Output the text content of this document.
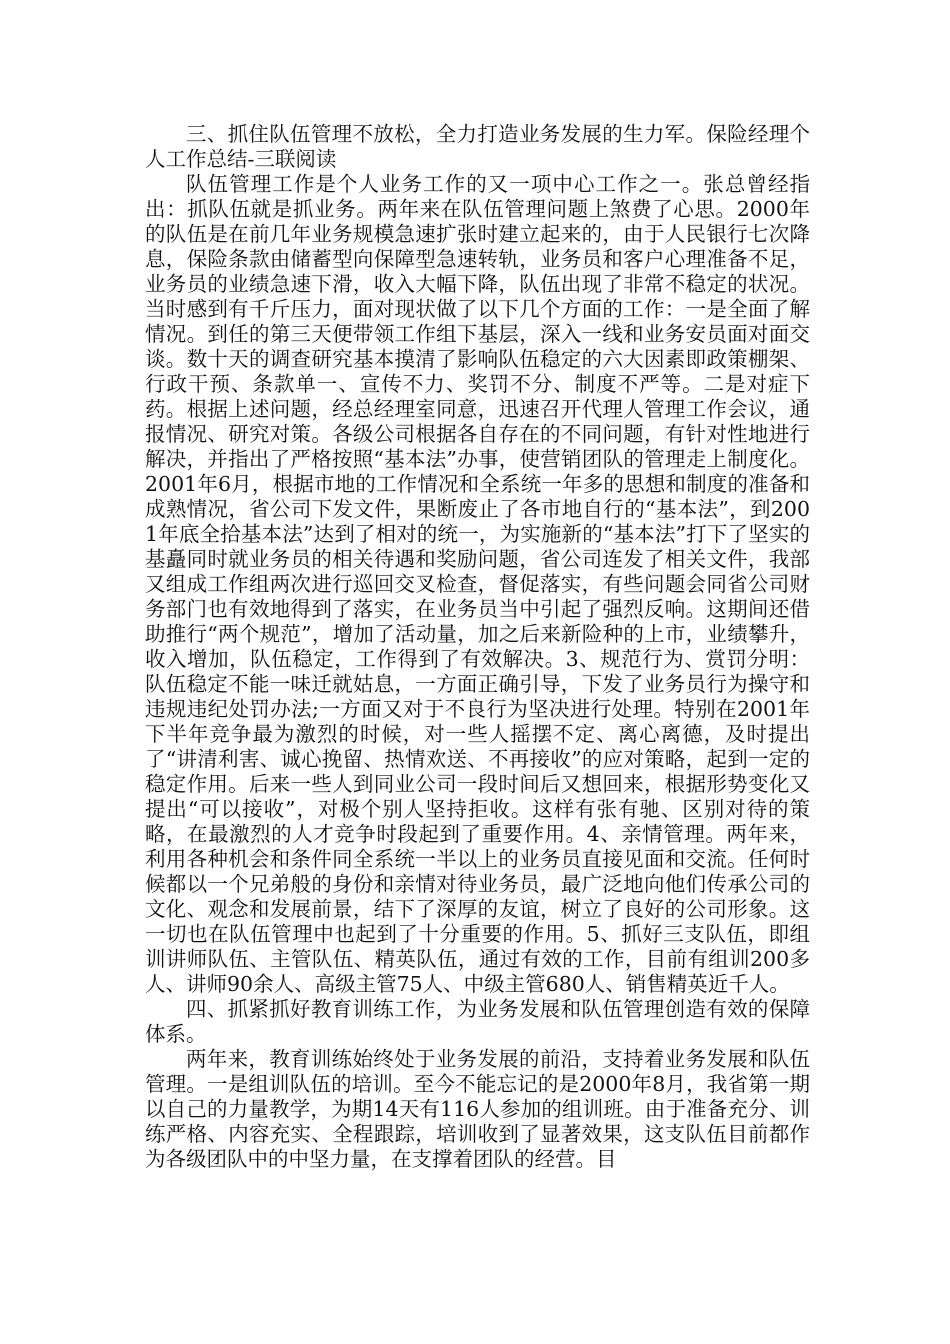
三、抓住队伍管理不放松，全力打造业务发展的生力军。保险经理个人工作总结-三联阅读

队伍管理工作是个人业务工作的又一项中心工作之一。张总曾经指出：抓队伍就是抓业务。两年来在队伍管理问题上煞费了心思。2000年的队伍是在前几年业务规模急速扩张时建立起来的，由于人民银行七次降息，保险条款由储蓄型向保障型急速转轨，业务员和客户心理准备不足，业务员的业绩急速下滑，收入大幅下降，队伍出现了非常不稳定的状况。当时感到有千斤压力，面对现状做了以下几个方面的工作：一是全面了解情况。到任的第三天便带领工作组下基层，深入一线和业务安员面对面交谈。数十天的调查研究基本摸清了影响队伍稳定的六大因素即政策棚架、行政干预、条款单一、宣传不力、奖罚不分、制度不严等。二是对症下药。根据上述问题，经总经理室同意，迅速召开代理人管理工作会议，通报情况、研究对策。各级公司根据各自存在的不同问题，有针对性地进行解决，并指出了严格按照“基本法”办事，使营销团队的管理走上制度化。2001年6月，根据市地的工作情况和全系统一年多的思想和制度的准备和成熟情况，省公司下发文件，果断废止了各市地自行的“基本法”，到2001年底全拾基本法”达到了相对的统一，为实施新的“基本法”打下了坚实的基矗同时就业务员的相关待遇和奖励问题，省公司连发了相关文件，我部又组成工作组两次进行巡回交叉检查，督促落实，有些问题会同省公司财务部门也有效地得到了落实，在业务员当中引起了强烈反响。这期间还借助推行“两个规范”，增加了活动量，加之后来新险种的上市，业绩攀升，收入增加，队伍稳定，工作得到了有效解决。3、规范行为、赏罚分明：队伍稳定不能一味迁就姑息，一方面正确引导，下发了业务员行为操守和违规违纪处罚办法;一方面又对于不良行为坚决进行处理。特别在2001年下半年竞争最为激烈的时候，对一些人摇摆不定、离心离德，及时提出了“讲清利害、诚心挽留、热情欢送、不再接收”的应对策略，起到一定的稳定作用。后来一些人到同业公司一段时间后又想回来，根据形势变化又提出“可以接收”，对极个别人坚持拒收。这样有张有驰、区别对待的策略，在最激烈的人才竞争时段起到了重要作用。4、亲情管理。两年来，利用各种机会和条件同全系统一半以上的业务员直接见面和交流。任何时候都以一个兄弟般的身份和亲情对待业务员，最广泛地向他们传承公司的文化、观念和发展前景，结下了深厚的友谊，树立了良好的公司形象。这一切也在队伍管理中也起到了十分重要的作用。5、抓好三支队伍，即组训讲师队伍、主管队伍、精英队伍，通过有效的工作，目前有组训200多人、讲师90余人、高级主管75人、中级主管680人、销售精英近千人。

四、抓紧抓好教育训练工作，为业务发展和队伍管理创造有效的保障体系。

两年来，教育训练始终处于业务发展的前沿，支持着业务发展和队伍管理。一是组训队伍的培训。至今不能忘记的是2000年8月，我省第一期以自己的力量教学，为期14天有116人参加的组训班。由于准备充分、训练严格、内容充实、全程跟踪，培训收到了显著效果，这支队伍目前都作为各级团队中的中坚力量，在支撑着团队的经营。目
